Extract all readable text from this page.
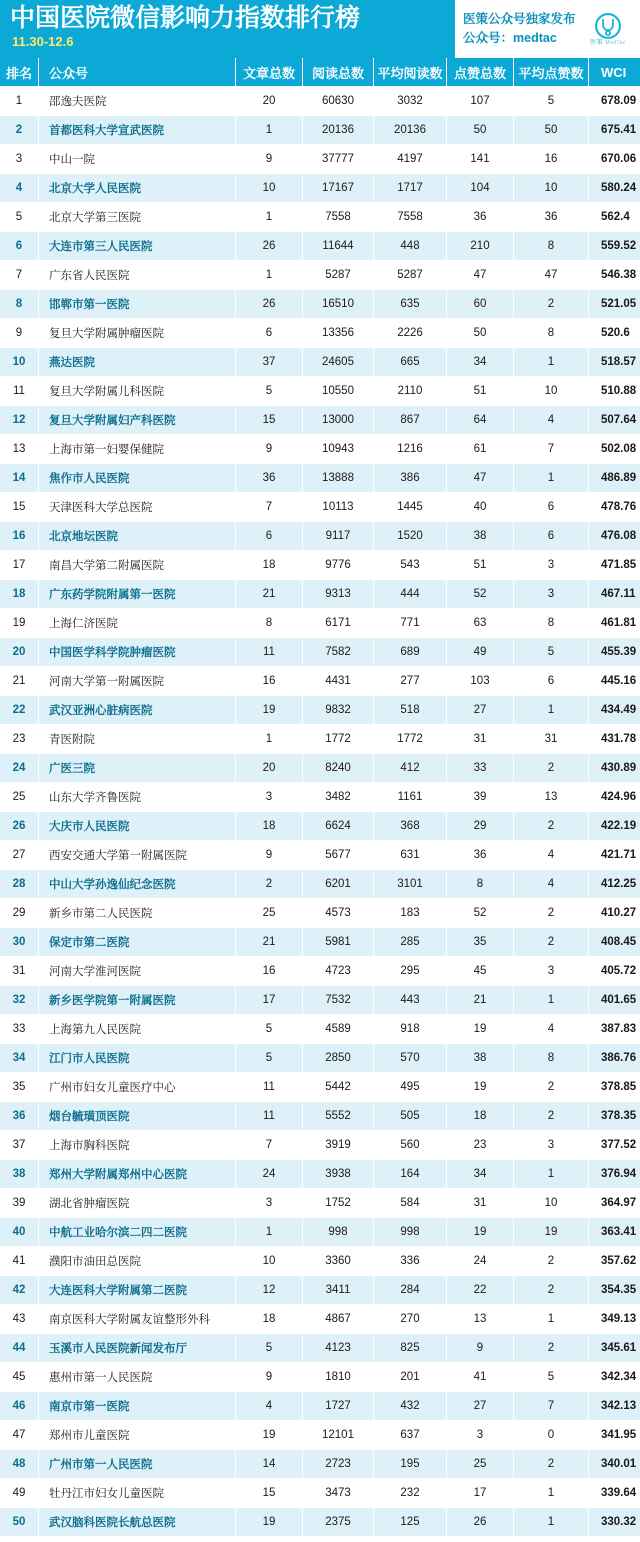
中国医院微信影响力指数排行榜
11.30-12.6
医策公众号独家发布
公众号：medtac	医策 MedTac
排名	公众号	文章总数	阅读总数	平均阅读数	点赞总数	平均点赞数	WCI
1	邵逸夫医院	20	60630	3032	107	5	678.09
2	首都医科大学宣武医院	1	20136	20136	50	50	675.41
3	中山一院	9	37777	4197	141	16	670.06
4	北京大学人民医院	10	17167	1717	104	10	580.24
5	北京大学第三医院	1	7558	7558	36	36	562.4
6	大连市第三人民医院	26	11644	448	210	8	559.52
7	广东省人民医院	1	5287	5287	47	47	546.38
8	邯郸市第一医院	26	16510	635	60	2	521.05
9	复旦大学附属肿瘤医院	6	13356	2226	50	8	520.6
10	燕达医院	37	24605	665	34	1	518.57
11	复旦大学附属儿科医院	5	10550	2110	51	10	510.88
12	复旦大学附属妇产科医院	15	13000	867	64	4	507.64
13	上海市第一妇婴保健院	9	10943	1216	61	7	502.08
14	焦作市人民医院	36	13888	386	47	1	486.89
15	天津医科大学总医院	7	10113	1445	40	6	478.76
16	北京地坛医院	6	9117	1520	38	6	476.08
17	南昌大学第二附属医院	18	9776	543	51	3	471.85
18	广东药学院附属第一医院	21	9313	444	52	3	467.11
19	上海仁济医院	8	6171	771	63	8	461.81
20	中国医学科学院肿瘤医院	11	7582	689	49	5	455.39
21	河南大学第一附属医院	16	4431	277	103	6	445.16
22	武汉亚洲心脏病医院	19	9832	518	27	1	434.49
23	青医附院	1	1772	1772	31	31	431.78
24	广医三院	20	8240	412	33	2	430.89
25	山东大学齐鲁医院	3	3482	1161	39	13	424.96
26	大庆市人民医院	18	6624	368	29	2	422.19
27	西安交通大学第一附属医院	9	5677	631	36	4	421.71
28	中山大学孙逸仙纪念医院	2	6201	3101	8	4	412.25
29	新乡市第二人民医院	25	4573	183	52	2	410.27
30	保定市第二医院	21	5981	285	35	2	408.45
31	河南大学淮河医院	16	4723	295	45	3	405.72
32	新乡医学院第一附属医院	17	7532	443	21	1	401.65
33	上海第九人民医院	5	4589	918	19	4	387.83
34	江门市人民医院	5	2850	570	38	8	386.76
35	广州市妇女儿童医疗中心	11	5442	495	19	2	378.85
36	烟台毓璜顶医院	11	5552	505	18	2	378.35
37	上海市胸科医院	7	3919	560	23	3	377.52
38	郑州大学附属郑州中心医院	24	3938	164	34	1	376.94
39	湖北省肿瘤医院	3	1752	584	31	10	364.97
40	中航工业哈尔滨二四二医院	1	998	998	19	19	363.41
41	濮阳市油田总医院	10	3360	336	24	2	357.62
42	大连医科大学附属第二医院	12	3411	284	22	2	354.35
43	南京医科大学附属友谊整形外科	18	4867	270	13	1	349.13
44	玉溪市人民医院新闻发布厅	5	4123	825	9	2	345.61
45	惠州市第一人民医院	9	1810	201	41	5	342.34
46	南京市第一医院	4	1727	432	27	7	342.13
47	郑州市儿童医院	19	12101	637	3	0	341.95
48	广州市第一人民医院	14	2723	195	25	2	340.01
49	牡丹江市妇女儿童医院	15	3473	232	17	1	339.64
50	武汉脑科医院长航总医院	19	2375	125	26	1	330.32
